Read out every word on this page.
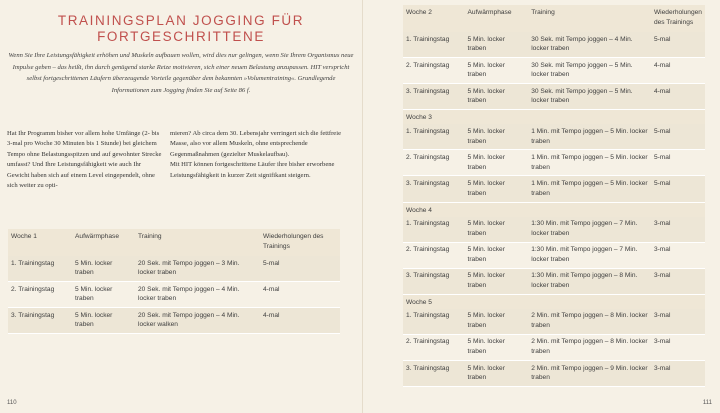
TRAININGSPLAN JOGGING FÜR FORTGESCHRITTENE

Wenn Sie Ihre Leistungsfähigkeit erhöhen und Muskeln aufbauen wollen, wird dies nur gelingen, wenn Sie Ihrem Organismus neue Impulse geben – das heißt, ihn durch genügend starke Reize motivieren, sich einer neuen Belastung anzupassen. HIT verspricht selbst fortgeschrittenen Läufern überzeugende Vorteile gegenüber dem bekannten »Volumentraining«. Grundlegende Informationen zum Jogging finden Sie auf Seite 86 f.

Hat Ihr Programm bisher vor allem hohe Umfänge (2- bis 3-mal pro Woche 30 Minuten bis 1 Stunde) bei gleichem Tempo ohne Belastungsspitzen und auf gewohnter Strecke umfasst? Und Ihre Leistungsfähigkeit wie auch Ihr Gewicht haben sich auf einem Level eingependelt, ohne sich weiter zu opti-

mieren? Ab circa dem 30. Lebensjahr verringert sich die fettfreie Masse, also vor allem Muskeln, ohne entsprechende Gegenmaßnahmen (gezielter Muskelaufbau).
Mit HIT können fortgeschrittene Läufer ihre bisher erworbene Leistungsfähigkeit in kurzer Zeit signifikant steigern.
Woche 1	Aufwärmphase	Training	Wiederholungen des Trainings
1. Trainingstag	5 Min. locker traben	20 Sek. mit Tempo joggen – 3 Min. locker traben	5-mal
2. Trainingstag	5 Min. locker traben	20 Sek. mit Tempo joggen – 4 Min. locker traben	4-mal
3. Trainingstag	5 Min. locker traben	20 Sek. mit Tempo joggen – 4 Min. locker walken	4-mal
110	111
Woche 2	Aufwärmphase	Training	Wiederholungen des Trainings
1. Trainingstag	5 Min. locker traben	30 Sek. mit Tempo joggen – 4 Min. locker traben	5-mal
2. Trainingstag	5 Min. locker traben	30 Sek. mit Tempo joggen – 5 Min. locker traben	4-mal
3. Trainingstag	5 Min. locker traben	30 Sek. mit Tempo joggen – 5 Min. locker traben	4-mal
Woche 3			
1. Trainingstag	5 Min. locker traben	1 Min. mit Tempo joggen – 5 Min. locker traben	5-mal
2. Trainingstag	5 Min. locker traben	1 Min. mit Tempo joggen – 5 Min. locker traben	5-mal
3. Trainingstag	5 Min. locker traben	1 Min. mit Tempo joggen – 5 Min. locker traben	5-mal
Woche 4			
1. Trainingstag	5 Min. locker traben	1:30 Min. mit Tempo joggen – 7 Min. locker traben	3-mal
2. Trainingstag	5 Min. locker traben	1:30 Min. mit Tempo joggen – 7 Min. locker traben	3-mal
3. Trainingstag	5 Min. locker traben	1:30 Min. mit Tempo joggen – 8 Min. locker traben	3-mal
Woche 5			
1. Trainingstag	5 Min. locker traben	2 Min. mit Tempo joggen – 8 Min. locker traben	3-mal
2. Trainingstag	5 Min. locker traben	2 Min. mit Tempo joggen – 8 Min. locker traben	3-mal
3. Trainingstag	5 Min. locker traben	2 Min. mit Tempo joggen – 9 Min. locker traben	3-mal
